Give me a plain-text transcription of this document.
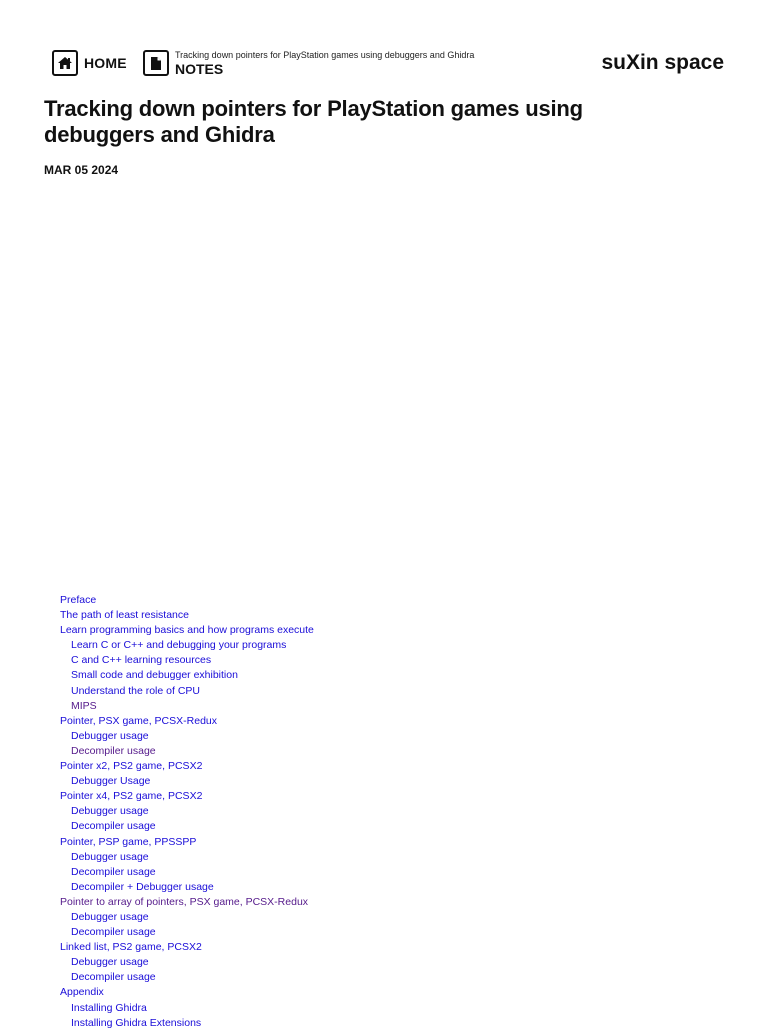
HOME
Tracking down pointers for PlayStation games using debuggers and Ghidra
NOTES	suXin space
Tracking down pointers for PlayStation games using debuggers and Ghidra
MAR 05 2024
Preface
The path of least resistance
Learn programming basics and how programs execute
Learn C or C++ and debugging your programs
C and C++ learning resources
Small code and debugger exhibition
Understand the role of CPU
MIPS
Pointer, PSX game, PCSX-Redux
Debugger usage
Decompiler usage
Pointer x2, PS2 game, PCSX2
Debugger Usage
Pointer x4, PS2 game, PCSX2
Debugger usage
Decompiler usage
Pointer, PSP game, PPSSPP
Debugger usage
Decompiler usage
Decompiler + Debugger usage
Pointer to array of pointers, PSX game, PCSX-Redux
Debugger usage
Decompiler usage
Linked list, PS2 game, PCSX2
Debugger usage
Decompiler usage
Appendix
Installing Ghidra
Installing Ghidra Extensions
